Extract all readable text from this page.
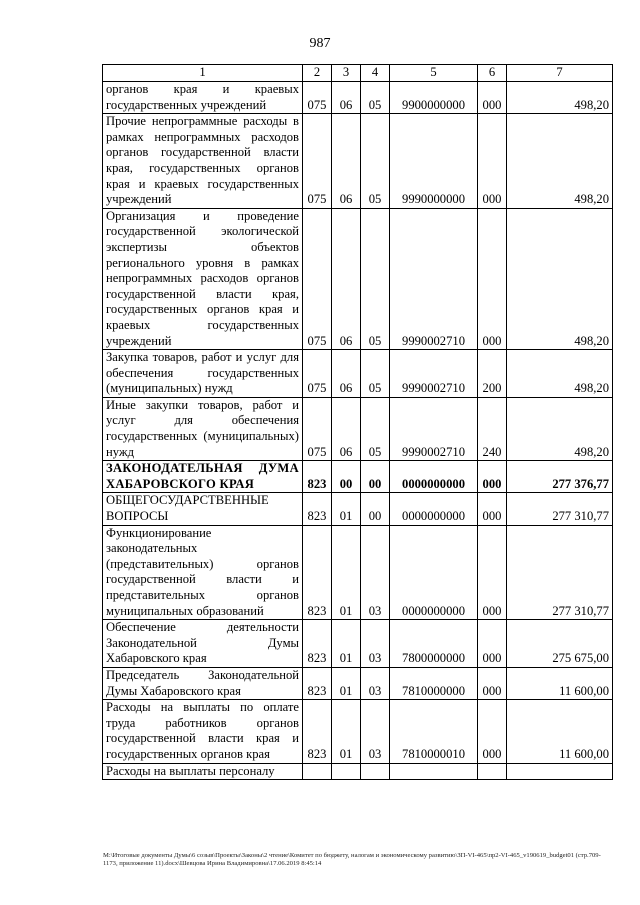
987
1	2	3	4	5	6	7
органов края и краевых государственных учреждений	075	06	05	9900000000	000	498,20
Прочие непрограммные расходы в рамках непрограммных расходов органов государственной власти края, государственных органов края и краевых государственных учреждений	075	06	05	9990000000	000	498,20
Организация и проведение государственной экологической экспертизы объектов регионального уровня в рамках непрограммных расходов органов государственной власти края, государственных органов края и краевых государственных учреждений	075	06	05	9990002710	000	498,20
Закупка товаров, работ и услуг для обеспечения государственных (муниципальных) нужд	075	06	05	9990002710	200	498,20
Иные закупки товаров, работ и услуг для обеспечения государственных (муниципальных) нужд	075	06	05	9990002710	240	498,20
ЗАКОНОДАТЕЛЬНАЯ ДУМА ХАБАРОВСКОГО КРАЯ	823	00	00	0000000000	000	277 376,77
ОБЩЕГОСУДАРСТВЕННЫЕ ВОПРОСЫ	823	01	00	0000000000	000	277 310,77
Функционирование законодательных (представительных) органов государственной власти и представительных органов муниципальных образований	823	01	03	0000000000	000	277 310,77
Обеспечение деятельности Законодательной Думы Хабаровского края	823	01	03	7800000000	000	275 675,00
Председатель Законодательной Думы Хабаровского края	823	01	03	7810000000	000	11 600,00
Расходы на выплаты по оплате труда работников органов государственной власти края и государственных органов края	823	01	03	7810000010	000	11 600,00
Расходы на выплаты персоналу						
М:\Итоговые документы Думы\6 созыв\Проекты\Законы\2 чтение\Комитет по бюджету, налогам и экономическому развитию\ЗП-VI-465\пр2-VI-465_v190619_budget01 (стр.709-1173, приложение 11).docx\Шевцова Ирина Владимировна\17.06.2019 8:45:14
